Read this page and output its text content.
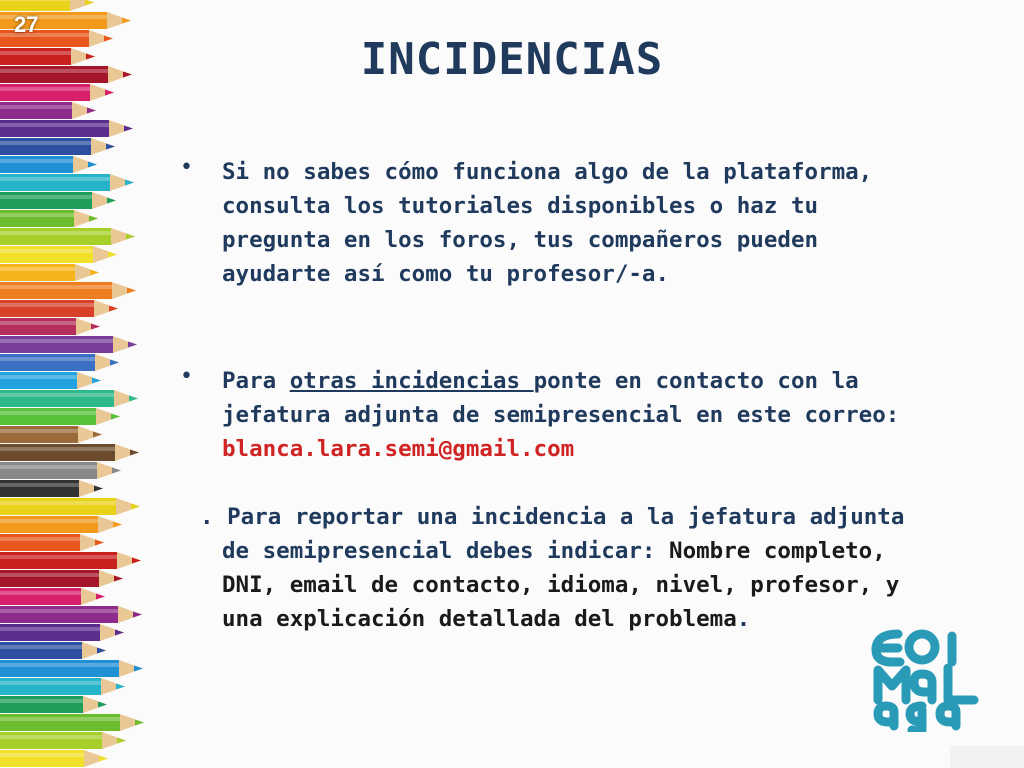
27
INCIDENCIAS
• Si no sabes cómo funciona algo de la plataforma, consulta los tutoriales disponibles o haz tu pregunta en los foros, tus compañeros pueden ayudarte así como tu profesor/-a.

• Para otras incidencias ponte en contacto con la jefatura adjunta de semipresencial en este correo: blanca.lara.semi@gmail.com

. Para reportar una incidencia a la jefatura adjunta de semipresencial debes indicar: Nombre completo, DNI, email de contacto, idioma, nivel, profesor, y una explicación detallada del problema.
